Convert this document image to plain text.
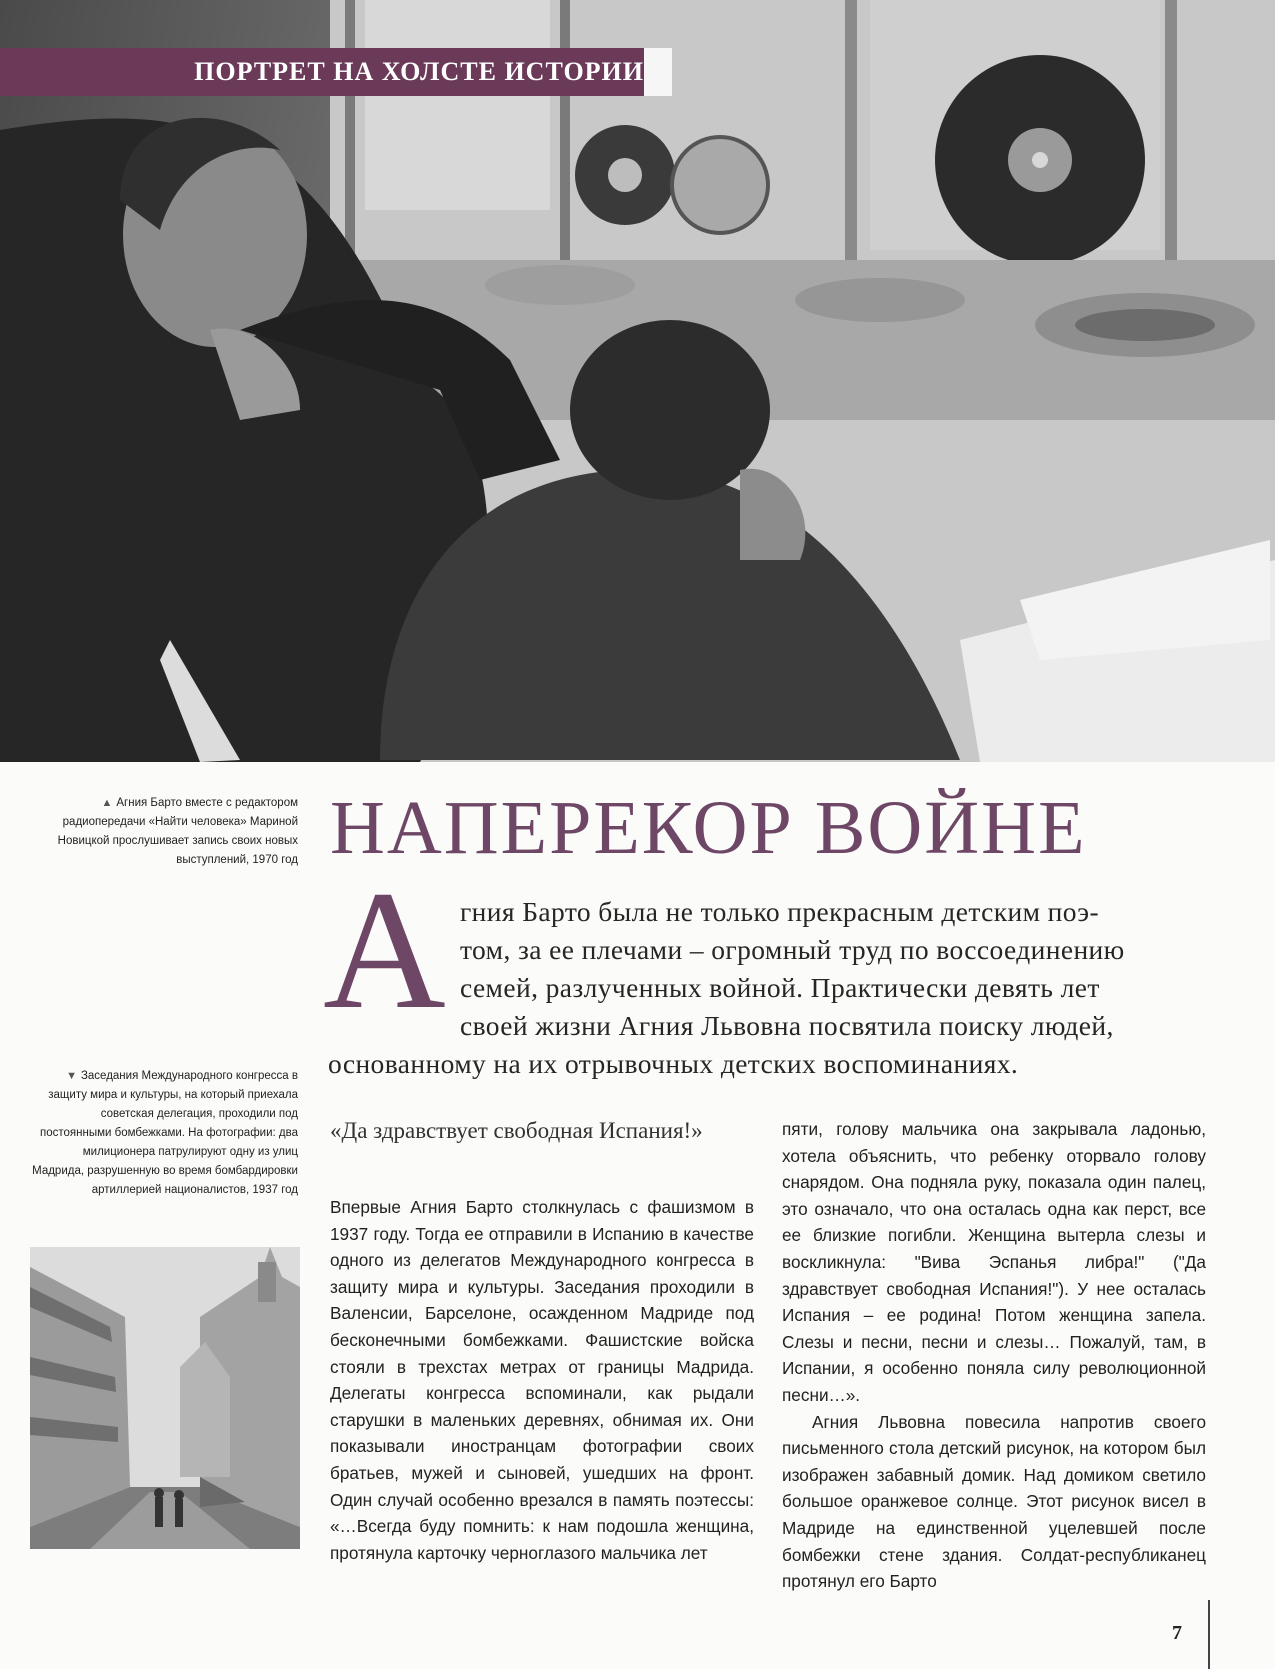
ПОРТРЕТ НА ХОЛСТЕ ИСТОРИИ
▲ Агния Барто вместе с редактором радиопередачи «Найти человека» Мариной Новицкой прослушивает запись своих новых выступлений, 1970 год
▼ Заседания Международного конгресса в защиту мира и культуры, на который приехала советская делегация, проходили под постоянными бомбежками. На фотографии: два милиционера патрулируют одну из улиц Мадрида, разрушенную во время бомбардировки артиллерией националистов, 1937 год
НАПЕРЕКОР ВОЙНЕ
А гния Барто была не только прекрасным детским поэ-
том, за ее плечами – огромный труд по воссоединению
семей, разлученных войной. Практически девять лет
своей жизни Агния Львовна посвятила поиску людей,
основанному на их отрывочных детских воспоминаниях.
«Да здравствует свободная Испания!»

Впервые Агния Барто столкнулась с фашизмом в 1937 году. Тогда ее отправили в Испанию в качестве одного из делегатов Международного конгресса в защиту мира и культуры. Заседания проходили в Валенсии, Барселоне, осажденном Мадриде под бесконечными бомбежками. Фашистские войска стояли в трехстах метрах от границы Мадрида. Делегаты конгресса вспоминали, как рыдали старушки в маленьких деревнях, обнимая их. Они показывали иностранцам фотографии своих братьев, мужей и сыновей, ушедших на фронт. Один случай особенно врезался в память поэтессы: «…Всегда буду помнить: к нам подошла женщина, протянула карточку черноглазого мальчика лет

пяти, голову мальчика она закрывала ладонью, хотела объяснить, что ребенку оторвало голову снарядом. Она подняла руку, показала один палец, это означало, что она осталась одна как перст, все ее близкие погибли. Женщина вытерла слезы и воскликнула: "Вива Эспанья либра!" ("Да здравствует свободная Испания!"). У нее осталась Испания – ее родина! Потом женщина запела. Слезы и песни, песни и слезы… Пожалуй, там, в Испании, я особенно поняла силу революционной песни…».

Агния Львовна повесила напротив своего письменного стола детский рисунок, на котором был изображен забавный домик. Над домиком светило большое оранжевое солнце. Этот рисунок висел в Мадриде на единственной уцелевшей после бомбежки стене здания. Солдат-республиканец протянул его Барто

7
